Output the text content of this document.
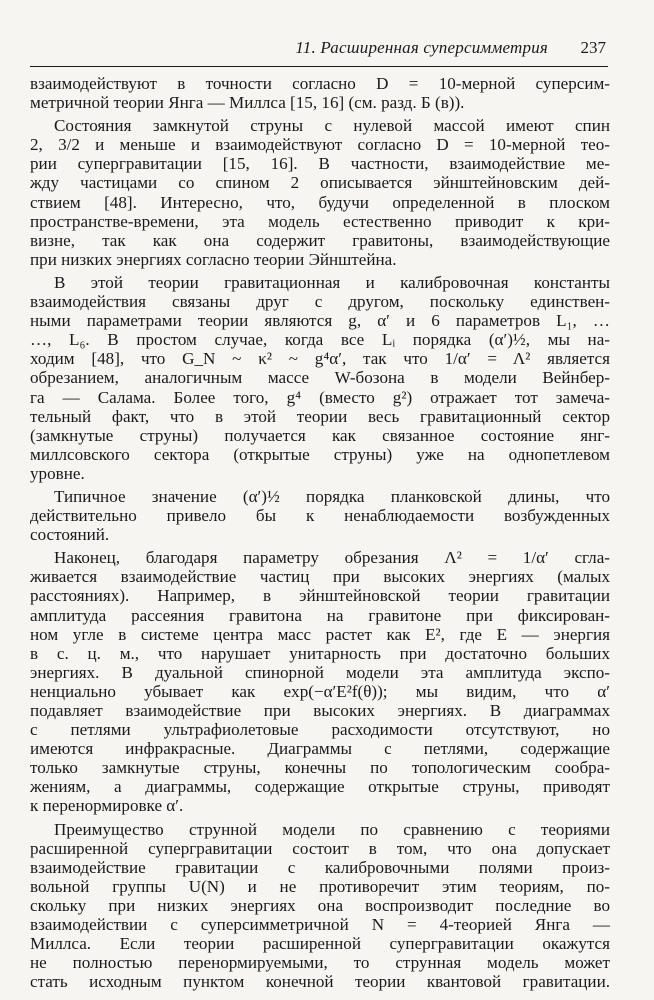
11. Расширенная суперсимметрия 237
взаимодействуют в точности согласно D = 10-мерной суперсим-
метричной теории Янга — Миллса [15, 16] (см. разд. Б (в)).
Состояния замкнутой струны с нулевой массой имеют спин
2, 3/2 и меньше и взаимодействуют согласно D = 10-мерной тео-
рии супергравитации [15, 16]. В частности, взаимодействие ме-
жду частицами со спином 2 описывается эйнштейновским дей-
ствием [48]. Интересно, что, будучи определенной в плоском
пространстве-времени, эта модель естественно приводит к кри-
визне, так как она содержит гравитоны, взаимодействующие
при низких энергиях согласно теории Эйнштейна.
В этой теории гравитационная и калибровочная константы
взаимодействия связаны друг с другом, поскольку единствен-
ными параметрами теории являются g, α′ и 6 параметров L₁, …
…, L₆. В простом случае, когда все Lᵢ порядка (α′)½, мы на-
ходим [48], что G_N ~ κ² ~ g⁴α′, так что 1/α′ = Λ² является
обрезанием, аналогичным массе W-бозона в модели Вейнбер-
га — Салама. Более того, g⁴ (вместо g²) отражает тот замеча-
тельный факт, что в этой теории весь гравитационный сектор
(замкнутые струны) получается как связанное состояние янг-
миллсовского сектора (открытые струны) уже на однопетлевом
уровне.
Типичное значение (α′)½ порядка планковской длины, что
действительно привело бы к ненаблюдаемости возбужденных
состояний.
Наконец, благодаря параметру обрезания Λ² = 1/α′ сгла-
живается взаимодействие частиц при высоких энергиях (малых
расстояниях). Например, в эйнштейновской теории гравитации
амплитуда рассеяния гравитона на гравитоне при фиксирован-
ном угле в системе центра масс растет как E², где E — энергия
в с. ц. м., что нарушает унитарность при достаточно больших
энергиях. В дуальной спинорной модели эта амплитуда экспо-
ненциально убывает как exp(−α′E²f(θ)); мы видим, что α′
подавляет взаимодействие при высоких энергиях. В диаграммах
с петлями ультрафиолетовые расходимости отсутствуют, но
имеются инфракрасные. Диаграммы с петлями, содержащие
только замкнутые струны, конечны по топологическим сообра-
жениям, а диаграммы, содержащие открытые струны, приводят
к перенормировке α′.
Преимущество струнной модели по сравнению с теориями
расширенной супергравитации состоит в том, что она допускает
взаимодействие гравитации с калибровочными полями произ-
вольной группы U(N) и не противоречит этим теориям, по-
скольку при низких энергиях она воспроизводит последние во
взаимодействии с суперсимметричной N = 4-теорией Янга —
Миллса. Если теории расширенной супергравитации окажутся
не полностью перенормируемыми, то струнная модель может
стать исходным пунктом конечной теории квантовой гравитации.
